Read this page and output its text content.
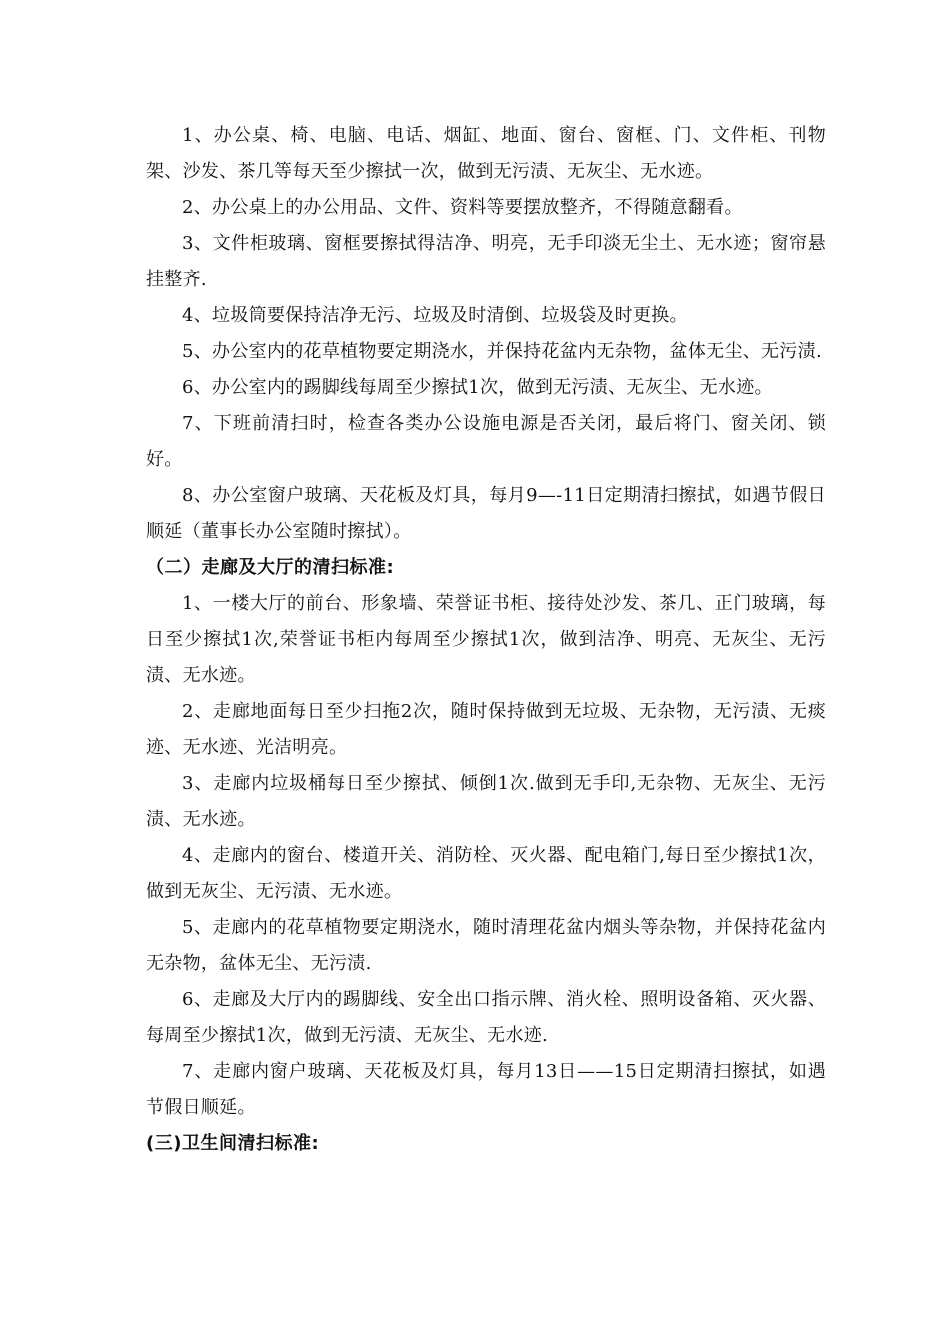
1、办公桌、椅、电脑、电话、烟缸、地面、窗台、窗框、门、文件柜、刊物架、沙发、茶几等每天至少擦拭一次，做到无污渍、无灰尘、无水迹。

2、办公桌上的办公用品、文件、资料等要摆放整齐，不得随意翻看。

3、文件柜玻璃、窗框要擦拭得洁净、明亮，无手印淡无尘土、无水迹；窗帘悬挂整齐.

4、垃圾筒要保持洁净无污、垃圾及时清倒、垃圾袋及时更换。

5、办公室内的花草植物要定期浇水，并保持花盆内无杂物，盆体无尘、无污渍.

6、办公室内的踢脚线每周至少擦拭1次，做到无污渍、无灰尘、无水迹。

7、下班前清扫时，检查各类办公设施电源是否关闭，最后将门、窗关闭、锁好。

8、办公室窗户玻璃、天花板及灯具，每月9—-11日定期清扫擦拭，如遇节假日顺延（董事长办公室随时擦拭）。

（二）走廊及大厅的清扫标准:

1、一楼大厅的前台、形象墙、荣誉证书柜、接待处沙发、茶几、正门玻璃，每日至少擦拭1次,荣誉证书柜内每周至少擦拭1次，做到洁净、明亮、无灰尘、无污渍、无水迹。

2、走廊地面每日至少扫拖2次，随时保持做到无垃圾、无杂物，无污渍、无痰迹、无水迹、光洁明亮。

3、走廊内垃圾桶每日至少擦拭、倾倒1次.做到无手印,无杂物、无灰尘、无污渍、无水迹。

4、走廊内的窗台、楼道开关、消防栓、灭火器、配电箱门,每日至少擦拭1次，做到无灰尘、无污渍、无水迹。

5、走廊内的花草植物要定期浇水，随时清理花盆内烟头等杂物，并保持花盆内无杂物，盆体无尘、无污渍.

6、走廊及大厅内的踢脚线、安全出口指示牌、消火栓、照明设备箱、灭火器、每周至少擦拭1次，做到无污渍、无灰尘、无水迹.

7、走廊内窗户玻璃、天花板及灯具，每月13日——15日定期清扫擦拭，如遇节假日顺延。

(三)卫生间清扫标准:
